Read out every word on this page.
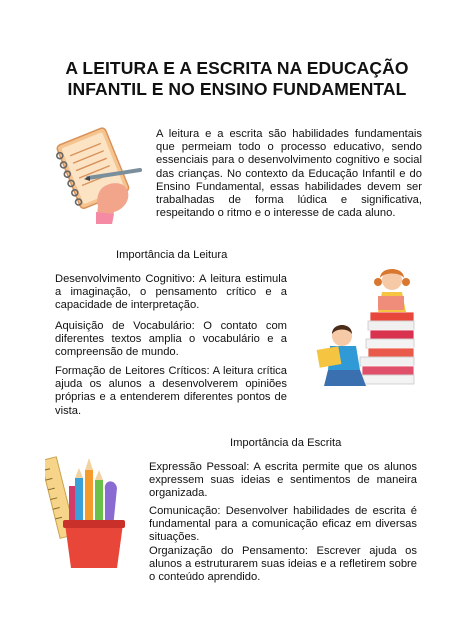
A LEITURA E A ESCRITA NA EDUCAÇÃO
INFANTIL E NO ENSINO FUNDAMENTAL

A leitura e a escrita são habilidades fundamentais que permeiam todo o processo educativo, sendo essenciais para o desenvolvimento cognitivo e social das crianças. No contexto da Educação Infantil e do Ensino Fundamental, essas habilidades devem ser trabalhadas de forma lúdica e significativa, respeitando o ritmo e o interesse de cada aluno.

Importância da Leitura

Desenvolvimento Cognitivo: A leitura estimula a imaginação, o pensamento crítico e a capacidade de interpretação.

Aquisição de Vocabulário: O contato com diferentes textos amplia o vocabulário e a compreensão de mundo.

Formação de Leitores Críticos: A leitura crítica ajuda os alunos a desenvolverem opiniões próprias e a entenderem diferentes pontos de vista.

Importância da Escrita

Expressão Pessoal: A escrita permite que os alunos expressem suas ideias e sentimentos de maneira organizada.

Comunicação: Desenvolver habilidades de escrita é fundamental para a comunicação eficaz em diversas situações.

Organização do Pensamento: Escrever ajuda os alunos a estruturarem suas ideias e a refletirem sobre o conteúdo aprendido.
